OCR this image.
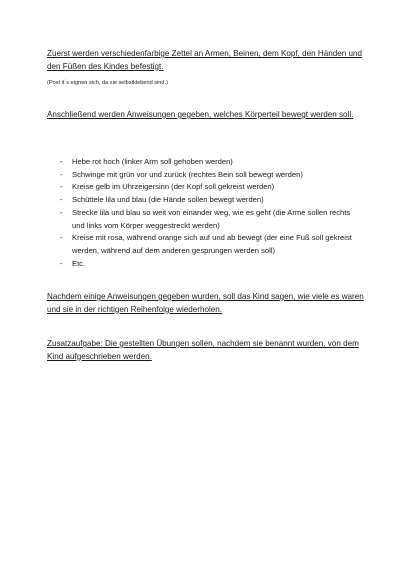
Zuerst werden verschiedenfarbige Zettel an Armen, Beinen, dem Kopf, den Händen und den Füßen des Kindes befestigt.
(Post it´s eignen sich, da sie selbstklebend sind.)
Anschließend werden Anweisungen gegeben, welches Körperteil bewegt werden soll.
- Hebe rot hoch (linker Arm soll gehoben werden)
- Schwinge mit grün vor und zurück (rechtes Bein soll bewegt werden)
- Kreise gelb im Uhrzeigersinn (der Kopf soll gekreist werden)
- Schüttele lila und blau (die Hände sollen bewegt werden)
- Strecke lila und blau so weit von einander weg, wie es geht (die Arme sollen rechts und links vom Körper weggestreckt werden)
- Kreise mit rosa, während orange sich auf und ab bewegt (der eine Fuß soll gekreist werden, während auf dem anderen gesprungen werden soll)
- Etc.
Nachdem einige Anweisungen gegeben wurden, soll das Kind sagen, wie viele es waren und sie in der richtigen Reihenfolge wiederholen.
Zusatzaufgabe: Die gestellten Übungen sollen, nachdem sie benannt wurden, von dem Kind aufgeschrieben werden.
